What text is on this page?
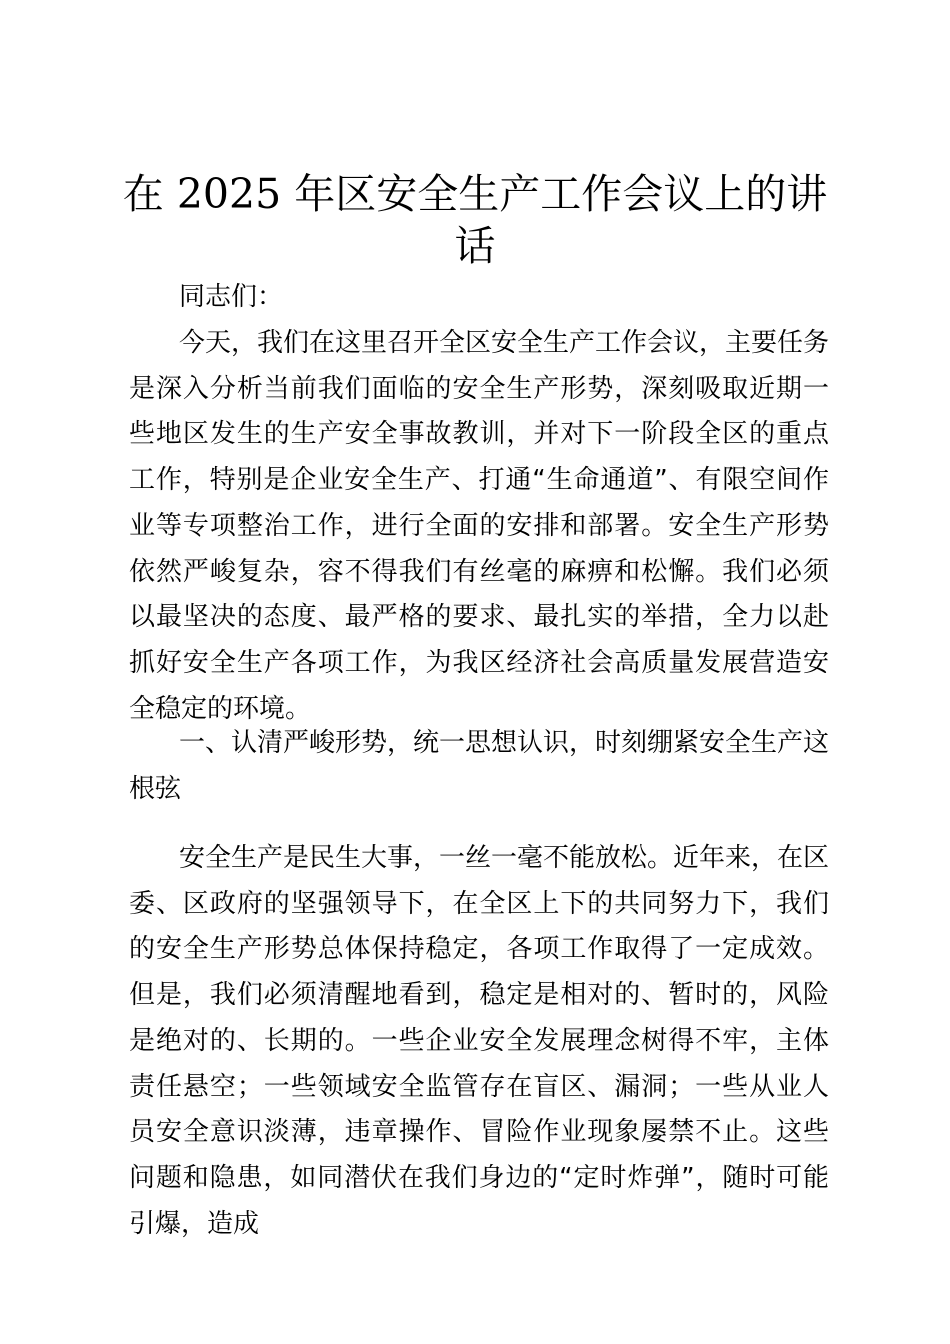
在 2025 年区安全生产工作会议上的讲
话

同志们：

今天，我们在这里召开全区安全生产工作会议，主要任务是深入分析当前我们面临的安全生产形势，深刻吸取近期一些地区发生的生产安全事故教训，并对下一阶段全区的重点工作，特别是企业安全生产、打通“生命通道”、有限空间作业等专项整治工作，进行全面的安排和部署。安全生产形势依然严峻复杂，容不得我们有丝毫的麻痹和松懈。我们必须以最坚决的态度、最严格的要求、最扎实的举措，全力以赴抓好安全生产各项工作，为我区经济社会高质量发展营造安全稳定的环境。

一、认清严峻形势，统一思想认识，时刻绷紧安全生产这根弦

安全生产是民生大事，一丝一毫不能放松。近年来，在区委、区政府的坚强领导下，在全区上下的共同努力下，我们的安全生产形势总体保持稳定，各项工作取得了一定成效。但是，我们必须清醒地看到，稳定是相对的、暂时的，风险是绝对的、长期的。一些企业安全发展理念树得不牢，主体责任悬空；一些领域安全监管存在盲区、漏洞；一些从业人员安全意识淡薄，违章操作、冒险作业现象屡禁不止。这些问题和隐患，如同潜伏在我们身边的“定时炸弹”，随时可能引爆，造成
